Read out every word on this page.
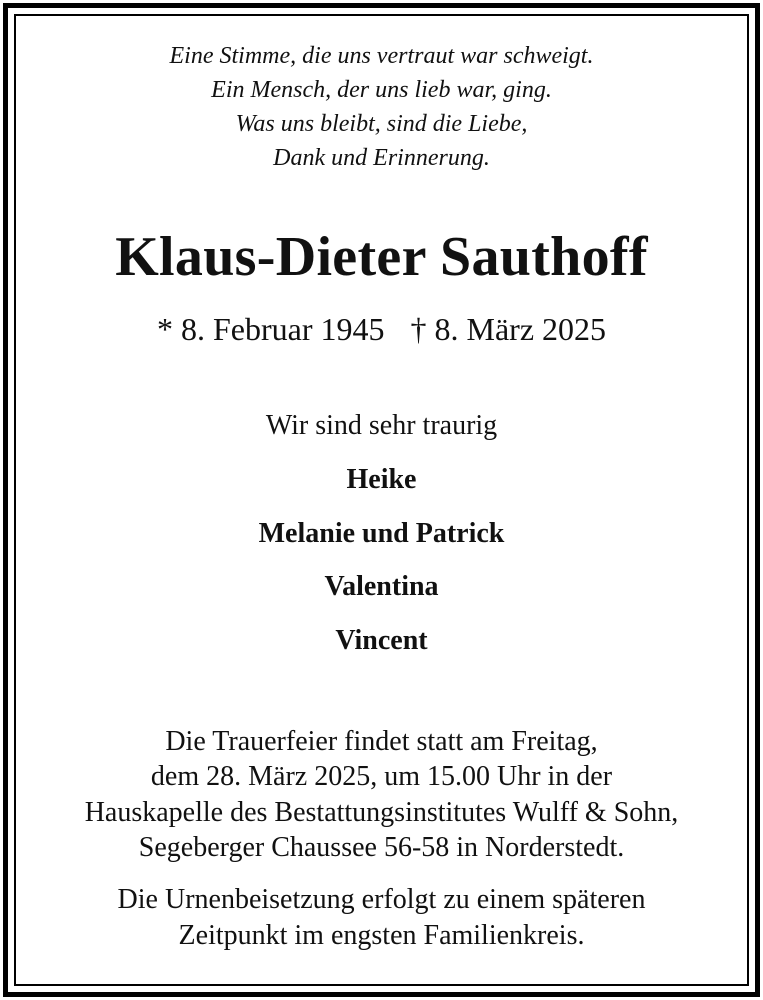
Eine Stimme, die uns vertraut war schweigt.
Ein Mensch, der uns lieb war, ging.
Was uns bleibt, sind die Liebe,
Dank und Erinnerung.
Klaus-Dieter Sauthoff
* 8. Februar 1945 † 8. März 2025
Wir sind sehr traurig
Heike
Melanie und Patrick
Valentina
Vincent
Die Trauerfeier findet statt am Freitag,
dem 28. März 2025, um 15.00 Uhr in der
Hauskapelle des Bestattungsinstitutes Wulff & Sohn,
Segeberger Chaussee 56-58 in Norderstedt.
Die Urnenbeisetzung erfolgt zu einem späteren
Zeitpunkt im engsten Familienkreis.
